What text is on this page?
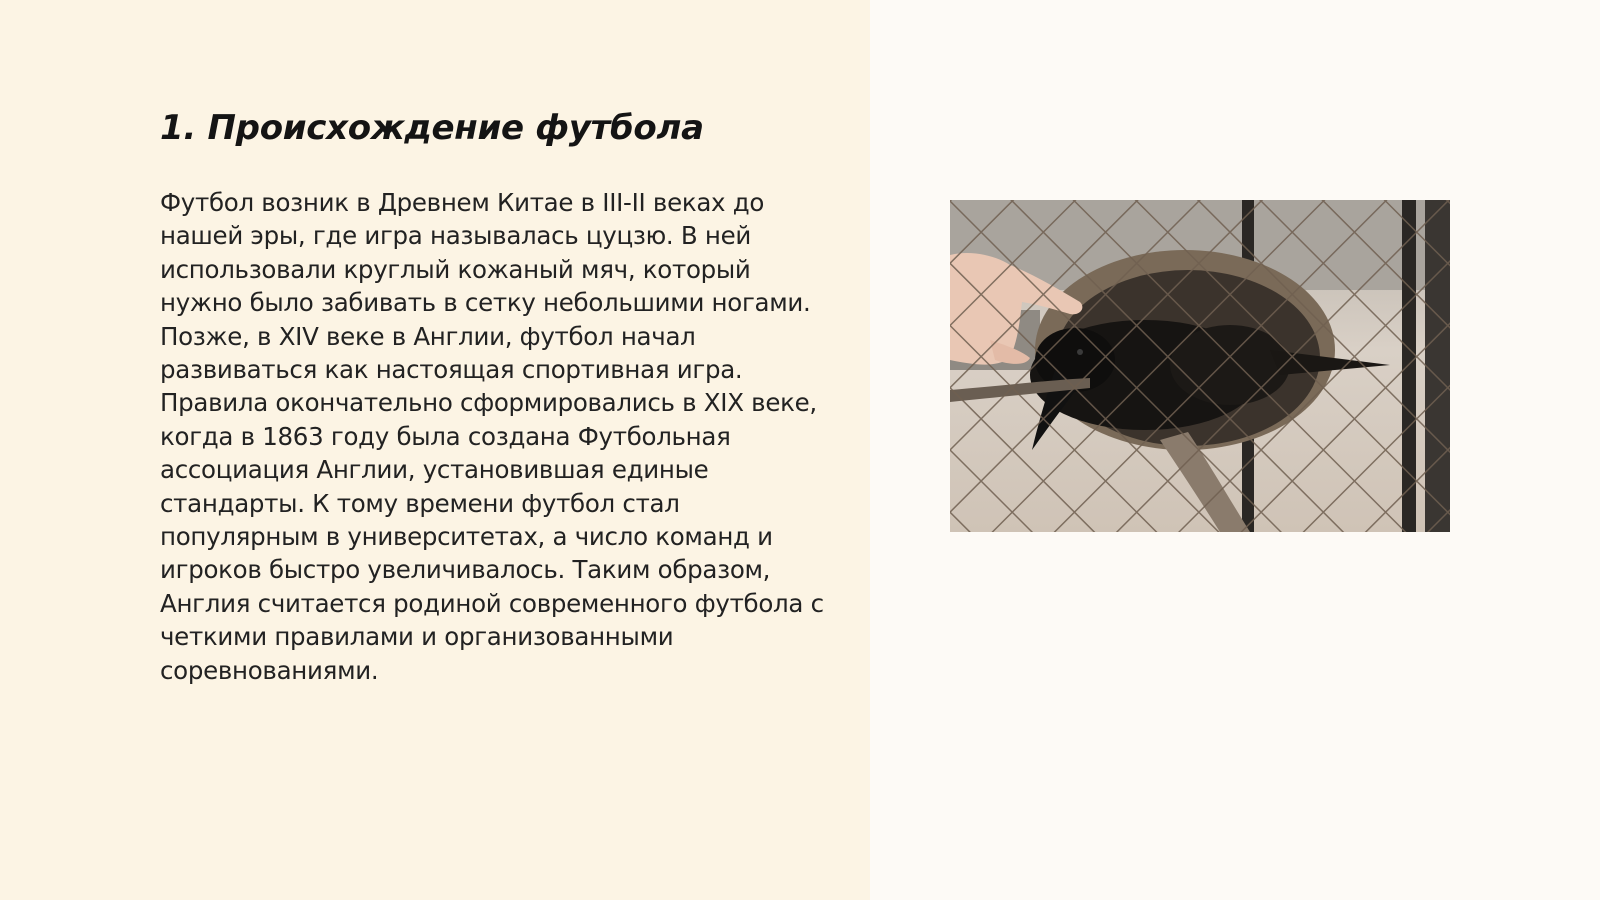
1. Происхождение футбола

Футбол возник в Древнем Китае в III-II веках до нашей эры, где игра называлась цуцзю. В ней использовали круглый кожаный мяч, который нужно было забивать в сетку небольшими ногами. Позже, в XIV веке в Англии, футбол начал развиваться как настоящая спортивная игра. Правила окончательно сформировались в XIX веке, когда в 1863 году была создана Футбольная ассоциация Англии, установившая единые стандарты. К тому времени футбол стал популярным в университетах, а число команд и игроков быстро увеличивалось. Таким образом, Англия считается родиной современного футбола с четкими правилами и организованными соревнованиями.
